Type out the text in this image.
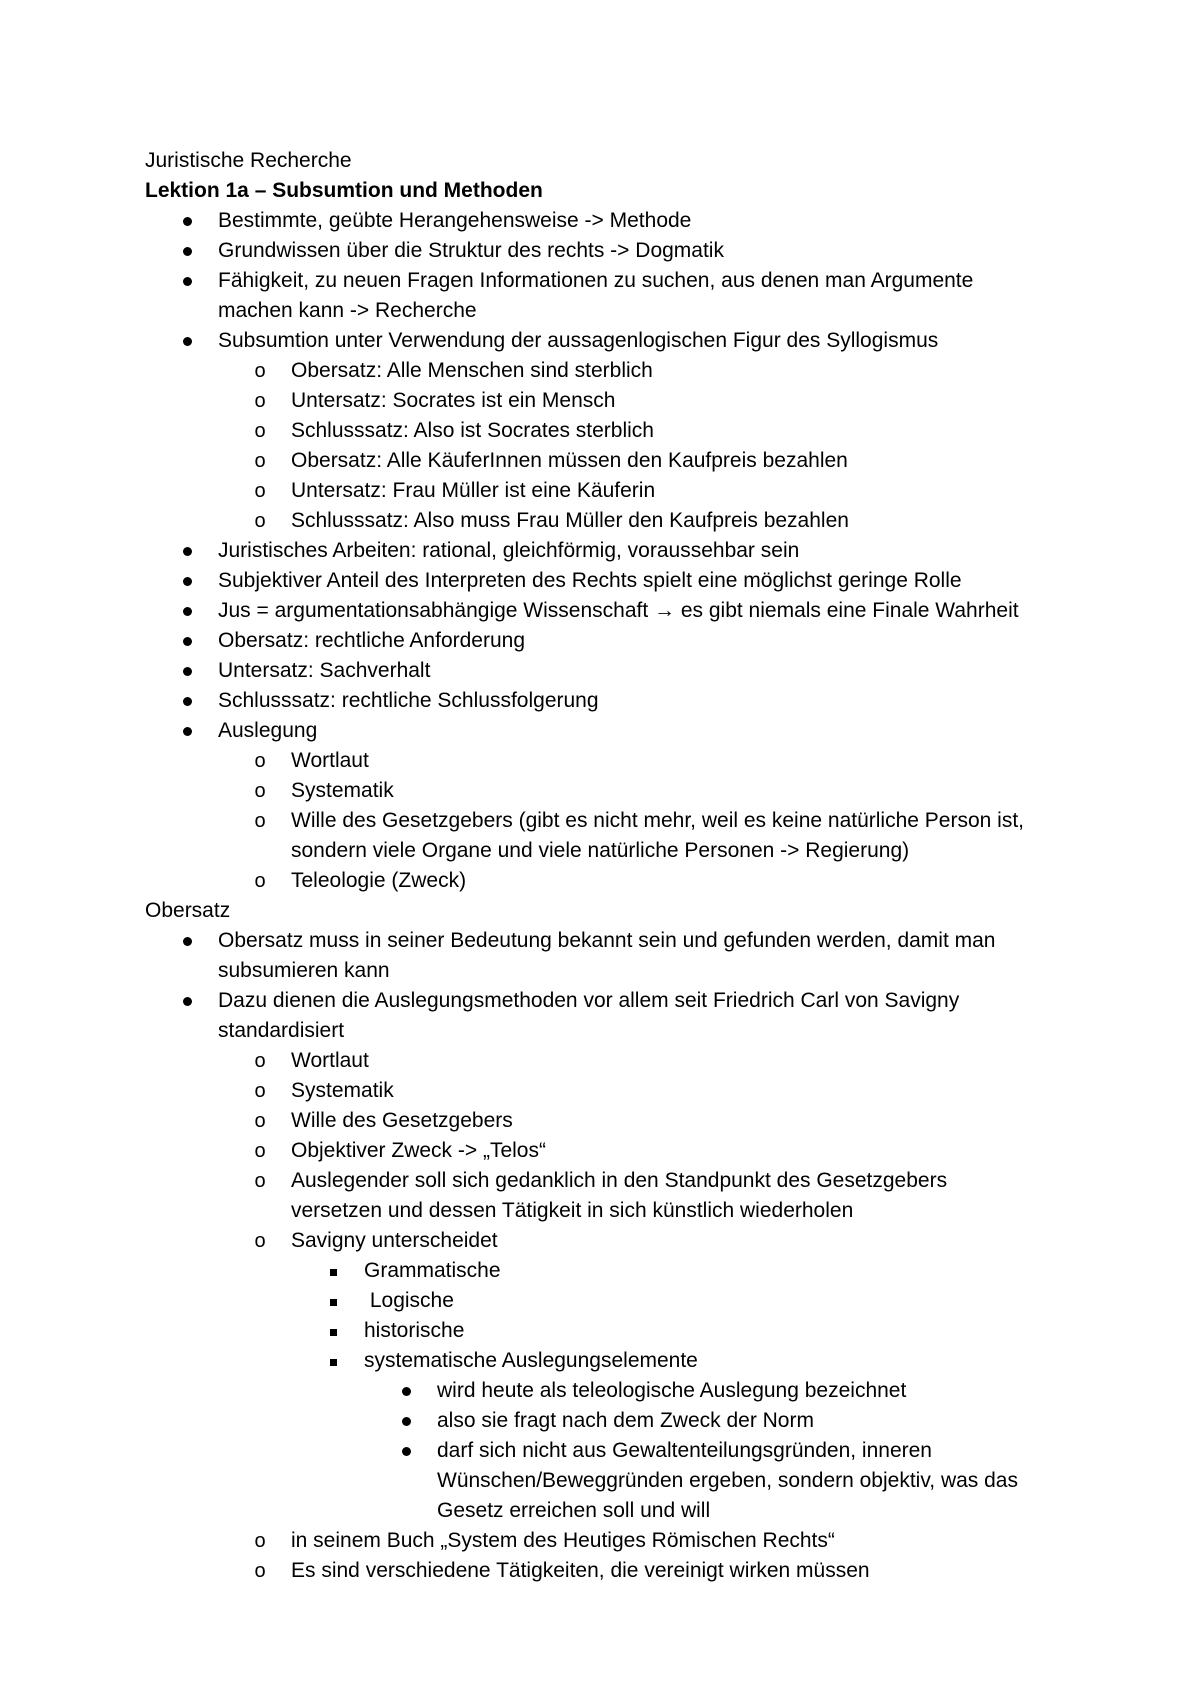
Juristische Recherche
Lektion 1a – Subsumtion und Methoden
Bestimmte, geübte Herangehensweise -> Methode
Grundwissen über die Struktur des rechts -> Dogmatik
Fähigkeit, zu neuen Fragen Informationen zu suchen, aus denen man Argumente machen kann -> Recherche
Subsumtion unter Verwendung der aussagenlogischen Figur des Syllogismus
o Obersatz: Alle Menschen sind sterblich
o Untersatz: Socrates ist ein Mensch
o Schlusssatz: Also ist Socrates sterblich
o Obersatz: Alle KäuferInnen müssen den Kaufpreis bezahlen
o Untersatz: Frau Müller ist eine Käuferin
o Schlusssatz: Also muss Frau Müller den Kaufpreis bezahlen
Juristisches Arbeiten: rational, gleichförmig, voraussehbar sein
Subjektiver Anteil des Interpreten des Rechts spielt eine möglichst geringe Rolle
Jus = argumentationsabhängige Wissenschaft → es gibt niemals eine Finale Wahrheit
Obersatz: rechtliche Anforderung
Untersatz: Sachverhalt
Schlusssatz: rechtliche Schlussfolgerung
Auslegung
o Wortlaut
o Systematik
o Wille des Gesetzgebers (gibt es nicht mehr, weil es keine natürliche Person ist, sondern viele Organe und viele natürliche Personen -> Regierung)
o Teleologie (Zweck)
Obersatz
Obersatz muss in seiner Bedeutung bekannt sein und gefunden werden, damit man subsumieren kann
Dazu dienen die Auslegungsmethoden vor allem seit Friedrich Carl von Savigny standardisiert
o Wortlaut
o Systematik
o Wille des Gesetzgebers
o Objektiver Zweck -> „Telos“
o Auslegender soll sich gedanklich in den Standpunkt des Gesetzgebers versetzen und dessen Tätigkeit in sich künstlich wiederholen
o Savigny unterscheidet
Grammatische
Logische
historische
systematische Auslegungselemente
wird heute als teleologische Auslegung bezeichnet
also sie fragt nach dem Zweck der Norm
darf sich nicht aus Gewaltenteilungsgründen, inneren Wünschen/Beweggründen ergeben, sondern objektiv, was das Gesetz erreichen soll und will
o in seinem Buch „System des Heutiges Römischen Rechts“
o Es sind verschiedene Tätigkeiten, die vereinigt wirken müssen
